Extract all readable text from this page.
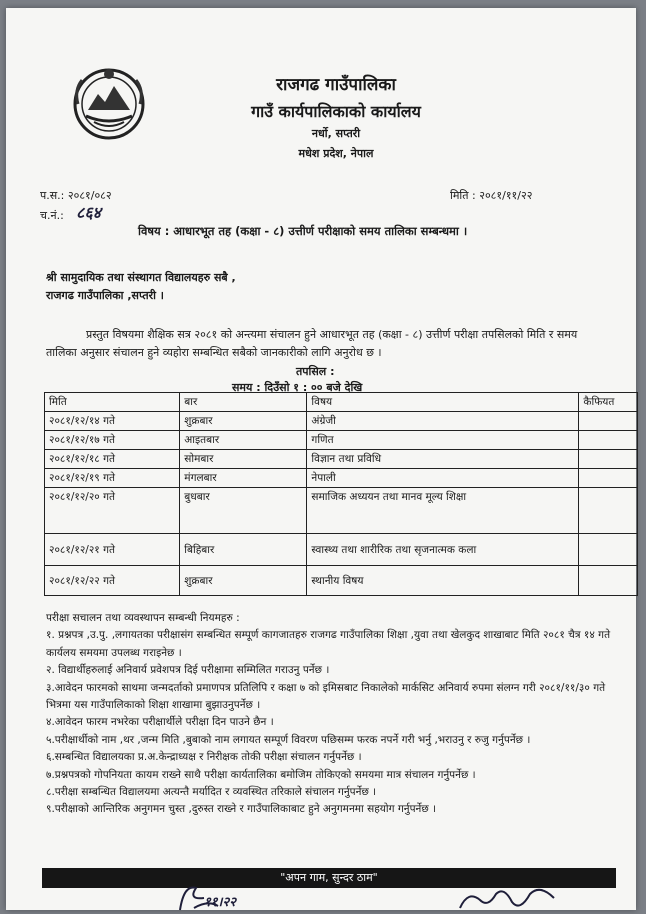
राजगढ गाउँपालिका
गाउँ कार्यपालिकाको कार्यालय
नर्धो, सप्तरी
मधेश प्रदेश, नेपाल
प.स.: २०८१/०८२
च.नं.: ८६४
मिति : २०८१/११/२२
विषय : आधारभूत तह (कक्षा - ८) उत्तीर्ण परीक्षाको समय तालिका सम्बन्धमा ।
श्री सामुदायिक तथा संस्थागत विद्यालयहरु सबै ,
राजगढ गाउँपालिका ,सप्तरी ।
प्रस्तुत विषयमा शैक्षिक सत्र २०८१ को अन्त्यमा संचालन हुने आधारभूत तह (कक्षा - ८) उत्तीर्ण परीक्षा तपसिलको मिति र समय तालिका अनुसार संचालन हुने व्यहोरा सम्बन्धित सबैको जानकारीको लागि अनुरोध छ ।
तपसिल :
समय : दिउँसो १ : ०० बजे देखि
मिति	बार	विषय	कैफियत
२०८१/१२/१४ गते	शुक्रबार	अंग्रेजी	
२०८१/१२/१७ गते	आइतबार	गणित	
२०८१/१२/१८ गते	सोमबार	विज्ञान तथा प्रविधि	
२०८१/१२/१९ गते	मंगलबार	नेपाली	
२०८१/१२/२० गते	बुधबार	समाजिक अध्ययन तथा मानव मूल्य शिक्षा	
२०८१/१२/२१ गते	बिहिबार	स्वास्थ्य तथा शारीरिक तथा सृजनात्मक कला	
२०८१/१२/२२ गते	शुक्रबार	स्थानीय विषय	
परीक्षा सचालन तथा व्यवस्थापन सम्बन्धी नियमहरु :
१. प्रश्नपत्र ,उ.पु. ,लगायतका परीक्षासंग सम्बन्धित सम्पूर्ण कागजातहरु राजगढ गाउँपालिका शिक्षा ,युवा तथा खेलकुद शाखाबाट मिति २०८१ चैत्र १४ गते कार्यलय समयमा उपलब्ध गराइनेछ ।
२. विद्यार्थीहरुलाई अनिवार्य प्रवेशपत्र दिई परीक्षामा सम्मिलित गराउनु पर्नेछ ।
३.आवेदन फारमको साथमा जन्मदर्ताको प्रमाणपत्र प्रतिलिपि र कक्षा ७ को इमिसबाट निकालेको मार्कसिट अनिवार्य रुपमा संलग्न गरी २०८१/११/३० गते भित्रमा यस गाउँपालिकाको शिक्षा शाखामा बुझाउनुपर्नेछ ।
४.आवेदन फारम नभरेका परीक्षार्थीले परीक्षा दिन पाउने छैन ।
५.परीक्षार्थीको नाम ,थर ,जन्म मिति ,बुबाको नाम लगायत सम्पूर्ण विवरण पछिसम्म फरक नपर्ने गरी भर्नु ,भराउनु र रुजु गर्नुपर्नेछ ।
६.सम्बन्धित विद्यालयका प्र.अ.केन्द्राध्यक्ष र निरीक्षक तोकी परीक्षा संचालन गर्नुपर्नेछ ।
७.प्रश्नपत्रको गोपनियता कायम राख्ने साथै परीक्षा कार्यतालिका बमोजिम तोकिएको समयमा मात्र संचालन गर्नुपर्नेछ ।
८.परीक्षा सम्बन्धित विद्यालयमा अत्यन्तै मर्यादित र व्यवस्थित तरिकाले संचालन गर्नुपर्नेछ ।
९.परीक्षाको आन्तिरिक अनुगमन चुस्त ,दुरुस्त राख्ने र गाउँपालिकाबाट हुने अनुगमनमा सहयोग गर्नुपर्नेछ ।
"अपन गाम, सुन्दर ठाम"
११।२२
